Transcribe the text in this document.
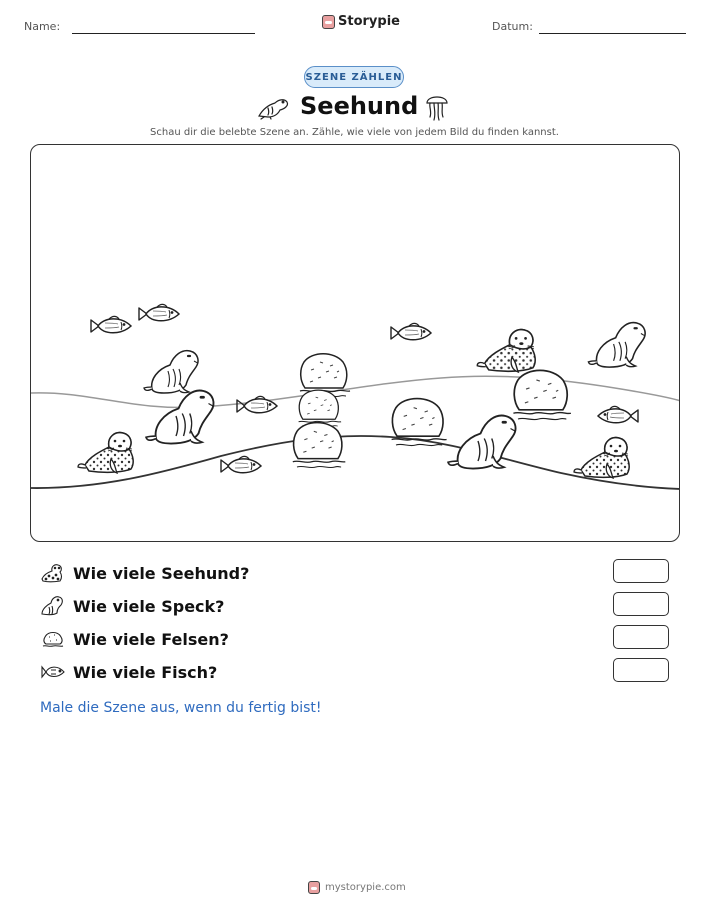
Name:	Storypie	Datum:
SZENE ZÄHLEN
Seehund
Schau dir die belebte Szene an. Zähle, wie viele von jedem Bild du finden kannst.
Wie viele Seehund?
Wie viele Speck?
Wie viele Felsen?
Wie viele Fisch?
Male die Szene aus, wenn du fertig bist!
mystorypie.com
